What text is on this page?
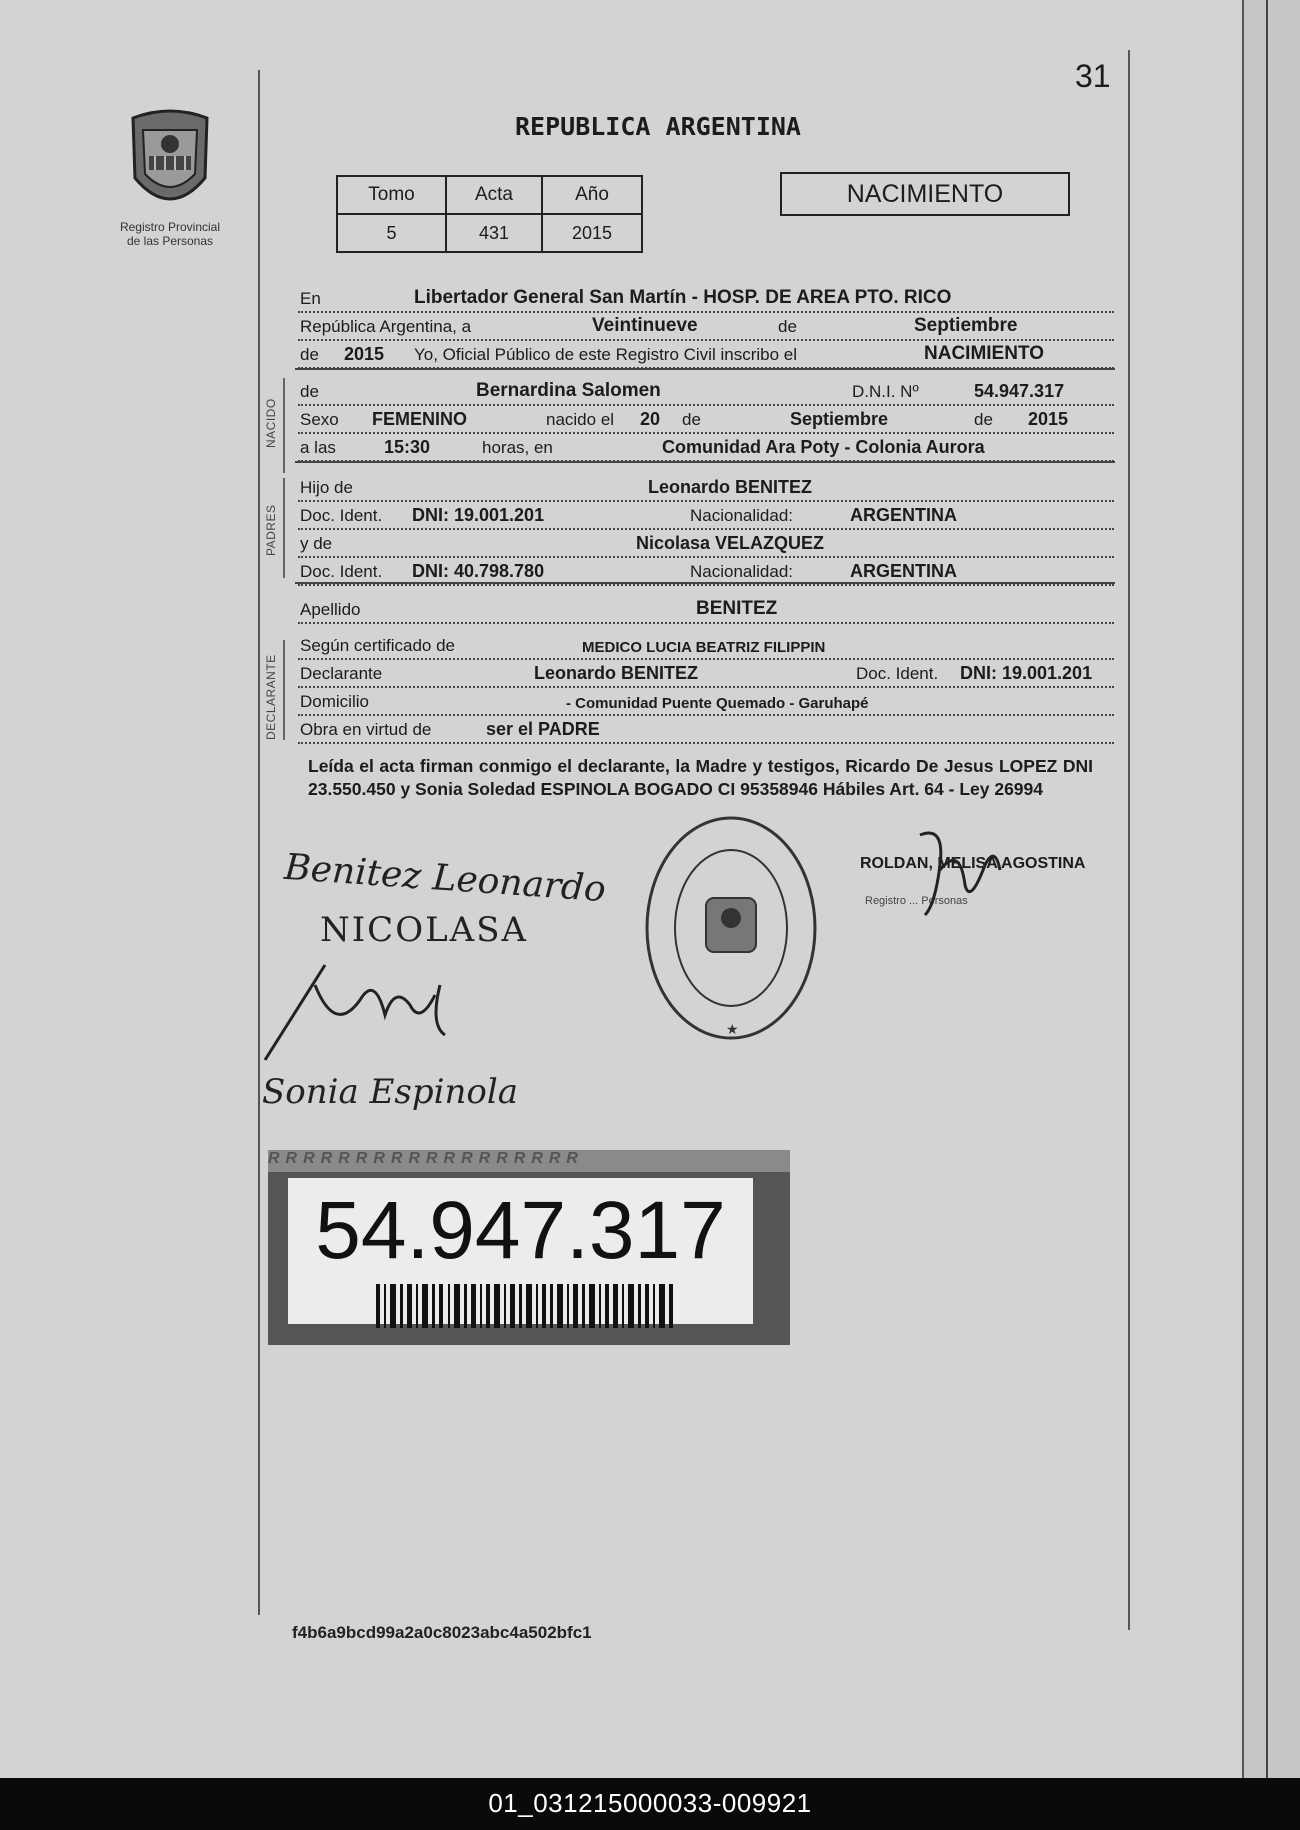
31
Registro Provincial
de las Personas
REPUBLICA ARGENTINA
Tomo	Acta	Año
5	431	2015
NACIMIENTO
En	Libertador General San Martín - HOSP. DE AREA PTO. RICO
República Argentina, a	Veintinueve	de	Septiembre
de 2015 Yo, Oficial Público de este Registro Civil inscribo el	NACIMIENTO
NACIDO
de	Bernardina Salomen	D.N.I. Nº	54.947.317
Sexo FEMENINO	nacido el 20 de	Septiembre	de 2015
a las	15:30	horas, en	Comunidad Ara Poty - Colonia Aurora
PADRES
Hijo de	Leonardo BENITEZ
Doc. Ident. DNI: 19.001.201	Nacionalidad:	ARGENTINA
y de	Nicolasa VELAZQUEZ
Doc. Ident. DNI: 40.798.780	Nacionalidad:	ARGENTINA
Apellido	BENITEZ
DECLARANTE
Según certificado de	MEDICO LUCIA BEATRIZ FILIPPIN
Declarante	Leonardo BENITEZ	Doc. Ident. DNI: 19.001.201
Domicilio	- Comunidad Puente Quemado - Garuhapé
Obra en virtud de	ser el PADRE
Leída el acta firman conmigo el declarante, la Madre y testigos, Ricardo De Jesus LOPEZ DNI 23.550.450 y Sonia Soledad ESPINOLA BOGADO CI 95358946 Hábiles Art. 64 - Ley 26994
Benitez Leonardo
NICOLASA
Sonia Espinola
★
ROLDAN, MELISA AGOSTINA
Registro ... Personas
RRRRRRRRRRRRRRRRRR
54.947.317
f4b6a9bcd99a2a0c8023abc4a502bfc1
01_031215000033-009921
